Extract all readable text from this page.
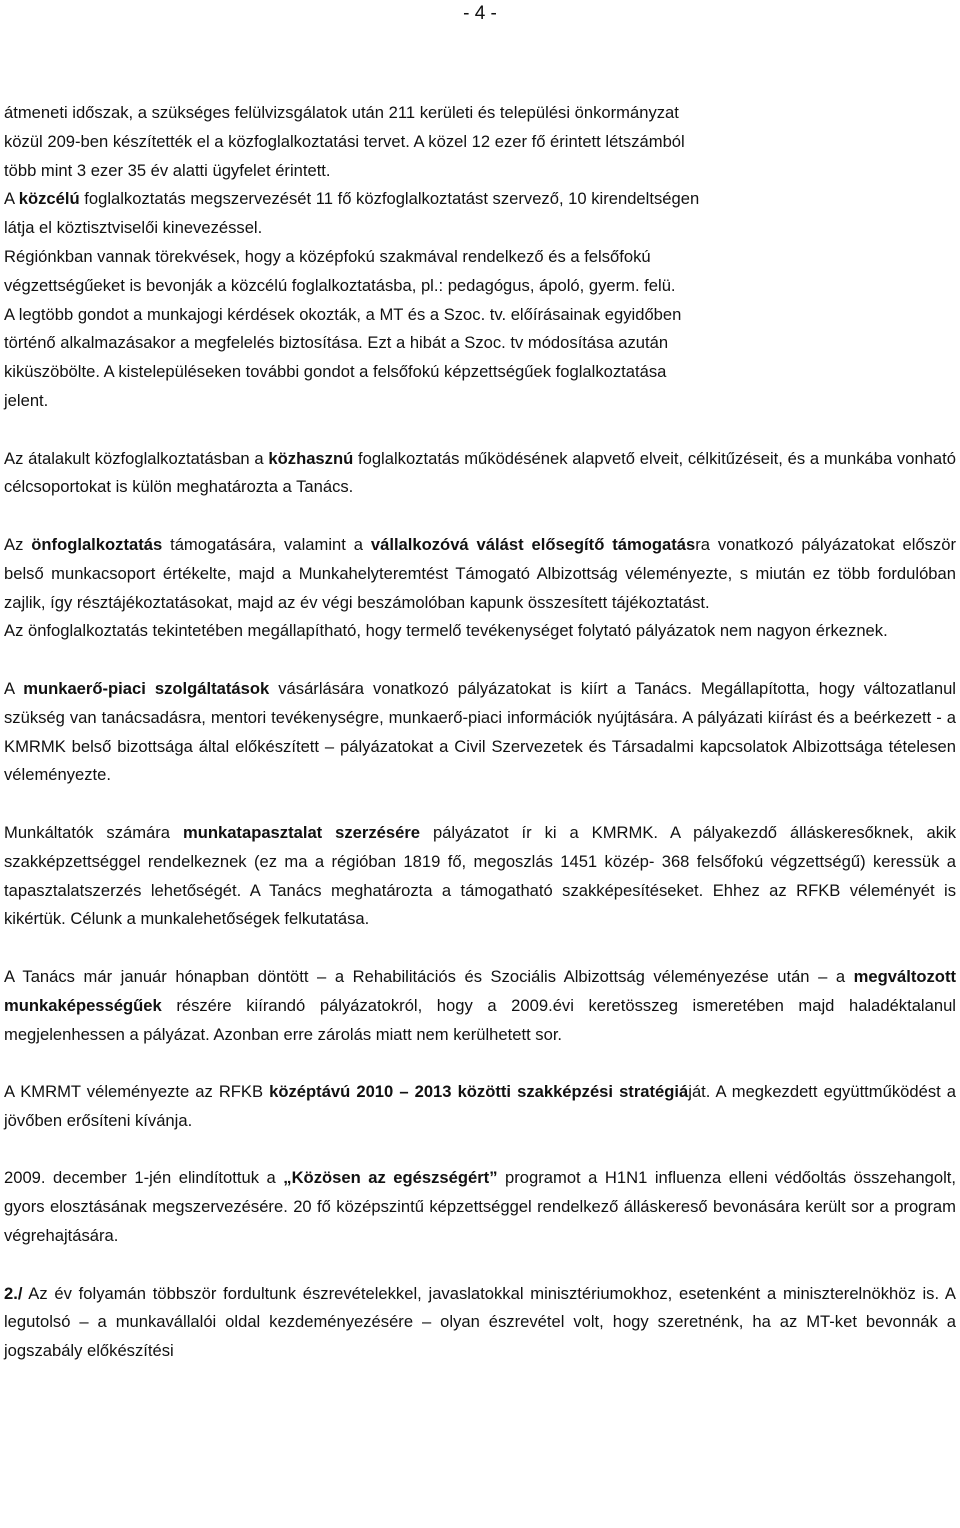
- 4 -

átmeneti időszak, a szükséges felülvizsgálatok után 211 kerületi és települési önkormányzat
közül 209-ben készítették el a közfoglalkoztatási tervet. A közel 12 ezer fő érintett létszámból
több mint 3 ezer 35 év alatti ügyfelet érintett.
A közcélú foglalkoztatás megszervezését 11 fő közfoglalkoztatást szervező, 10 kirendeltségen
látja el köztisztviselői kinevezéssel.
Régiónkban vannak törekvések, hogy a középfokú szakmával rendelkező és a felsőfokú
végzettségűeket is bevonják a közcélú foglalkoztatásba, pl.: pedagógus, ápoló, gyerm. felü.
A legtöbb gondot a munkajogi kérdések okozták, a MT és a Szoc. tv. előírásainak egyidőben
történő alkalmazásakor a megfelelés biztosítása. Ezt a hibát a Szoc. tv módosítása azután
kiküszöbölte. A kistelepüléseken további gondot a felsőfokú képzettségűek foglalkoztatása
jelent.

Az átalakult közfoglalkoztatásban a közhasznú foglalkoztatás működésének alapvető elveit, célkitűzéseit, és a munkába vonható célcsoportokat is külön meghatározta a Tanács.

Az önfoglalkoztatás támogatására, valamint a vállalkozóvá válást elősegítő támogatásra vonatkozó pályázatokat először belső munkacsoport értékelte, majd a Munkahelyteremtést Támogató Albizottság véleményezte, s miután ez több fordulóban zajlik, így résztájékoztatásokat, majd az év végi beszámolóban kapunk összesített tájékoztatást.

Az önfoglalkoztatás tekintetében megállapítható, hogy termelő tevékenységet folytató pályázatok nem nagyon érkeznek.

A munkaerő-piaci szolgáltatások vásárlására vonatkozó pályázatokat is kiírt a Tanács. Megállapította, hogy változatlanul szükség van tanácsadásra, mentori tevékenységre, munkaerő-piaci információk nyújtására. A pályázati kiírást és a beérkezett - a KMRMK belső bizottsága által előkészített – pályázatokat a Civil Szervezetek és Társadalmi kapcsolatok Albizottsága tételesen véleményezte.

Munkáltatók számára munkatapasztalat szerzésére pályázatot ír ki a KMRMK. A pályakezdő álláskeresőknek, akik szakképzettséggel rendelkeznek (ez ma a régióban 1819 fő, megoszlás 1451 közép- 368 felsőfokú végzettségű) keressük a tapasztalatszerzés lehetőségét. A Tanács meghatározta a támogatható szakképesítéseket. Ehhez az RFKB véleményét is kikértük. Célunk a munkalehetőségek felkutatása.

A Tanács már január hónapban döntött – a Rehabilitációs és Szociális Albizottság véleményezése után – a megváltozott munkaképességűek részére kiírandó pályázatokról, hogy a 2009.évi keretösszeg ismeretében majd haladéktalanul megjelenhessen a pályázat. Azonban erre zárolás miatt nem kerülhetett sor.

A KMRMT véleményezte az RFKB középtávú 2010 – 2013 közötti szakképzési stratégiáját. A megkezdett együttműködést a jövőben erősíteni kívánja.

2009. december 1-jén elindítottuk a „Közösen az egészségért” programot a H1N1 influenza elleni védőoltás összehangolt, gyors elosztásának megszervezésére. 20 fő középszintű képzettséggel rendelkező álláskereső bevonására került sor a program végrehajtására.

2./ Az év folyamán többször fordultunk észrevételekkel, javaslatokkal minisztériumokhoz, esetenként a miniszterelnökhöz is. A legutolsó – a munkavállalói oldal kezdeményezésére – olyan észrevétel volt, hogy szeretnénk, ha az MT-ket bevonnák a jogszabály előkészítési
